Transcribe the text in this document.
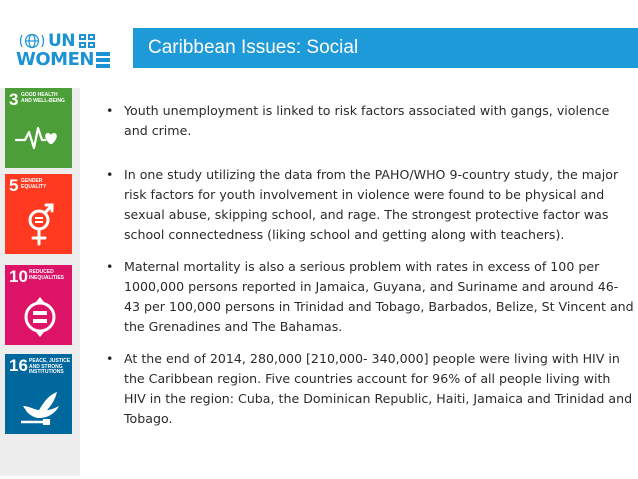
UN
WOMEN
Caribbean Issues: Social
3 GOOD HEALTH AND WELL-BEING
5 GENDER EQUALITY
10 REDUCED INEQUALITIES
16 PEACE, JUSTICE AND STRONG INSTITUTIONS
• Youth unemployment is linked to risk factors associated with gangs, violence and crime.
• In one study utilizing the data from the PAHO/WHO 9-country study, the major risk factors for youth involvement in violence were found to be physical and sexual abuse, skipping school, and rage. The strongest protective factor was school connectedness (liking school and getting along with teachers).
• Maternal mortality is also a serious problem with rates in excess of 100 per 1000,000 persons reported in Jamaica, Guyana, and Suriname and around 46-43 per 100,000 persons in Trinidad and Tobago, Barbados, Belize, St Vincent and the Grenadines and The Bahamas.
• At the end of 2014, 280,000 [210,000- 340,000] people were living with HIV in the Caribbean region. Five countries account for 96% of all people living with HIV in the region: Cuba, the Dominican Republic, Haiti, Jamaica and Trinidad and Tobago.
